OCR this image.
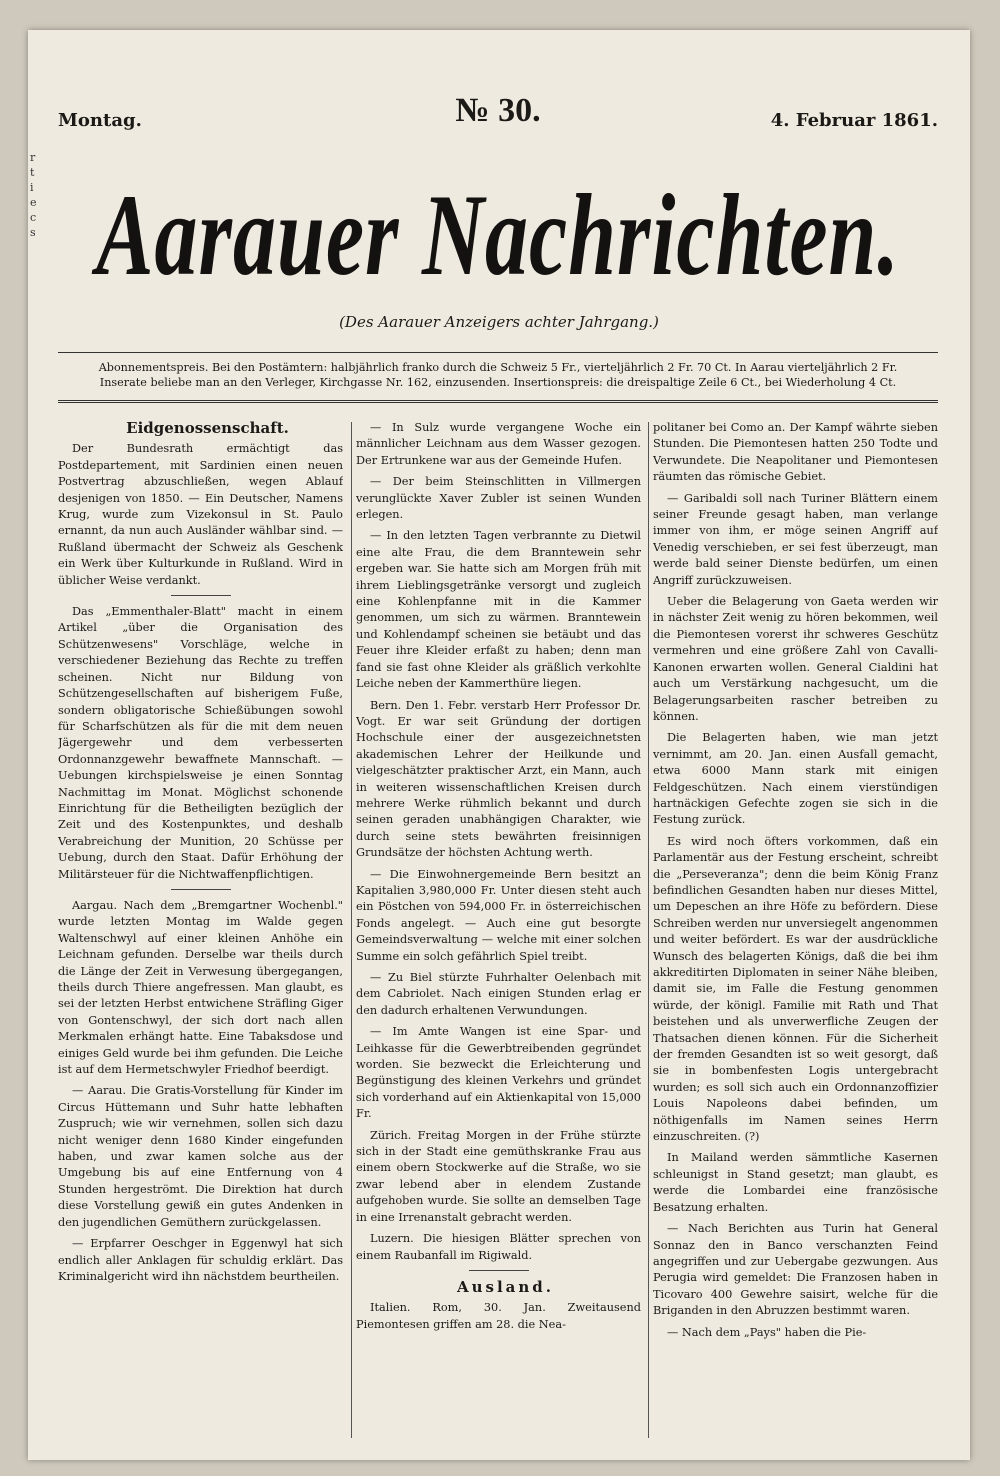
r
t
i
e
c
s
Montag.	№ 30.	4. Februar 1861.
Aarauer Nachrichten.
(Des Aarauer Anzeigers achter Jahrgang.)
Abonnementspreis. Bei den Postämtern: halbjährlich franko durch die Schweiz 5 Fr., vierteljährlich 2 Fr. 70 Ct. In Aarau vierteljährlich 2 Fr.
Inserate beliebe man an den Verleger, Kirchgasse Nr. 162, einzusenden. Insertionspreis: die dreispaltige Zeile 6 Ct., bei Wiederholung 4 Ct.

Eidgenossenschaft.

Der Bundesrath ermächtigt das Postdepartement, mit Sardinien einen neuen Postvertrag abzuschließen, wegen Ablauf desjenigen von 1850. — Ein Deutscher, Namens Krug, wurde zum Vizekonsul in St. Paulo ernannt, da nun auch Ausländer wählbar sind. — Rußland übermacht der Schweiz als Geschenk ein Werk über Kulturkunde in Rußland. Wird in üblicher Weise verdankt.

Das „Emmenthaler-Blatt" macht in einem Artikel „über die Organisation des Schützenwesens" Vorschläge, welche in verschiedener Beziehung das Rechte zu treffen scheinen. Nicht nur Bildung von Schützengesellschaften auf bisherigem Fuße, sondern obligatorische Schießübungen sowohl für Scharfschützen als für die mit dem neuen Jägergewehr und dem verbesserten Ordonnanzgewehr bewaffnete Mannschaft. — Uebungen kirchspielsweise je einen Sonntag Nachmittag im Monat. Möglichst schonende Einrichtung für die Betheiligten bezüglich der Zeit und des Kostenpunktes, und deshalb Verabreichung der Munition, 20 Schüsse per Uebung, durch den Staat. Dafür Erhöhung der Militärsteuer für die Nichtwaffenpflichtigen.

Aargau. Nach dem „Bremgartner Wochenbl." wurde letzten Montag im Walde gegen Waltenschwyl auf einer kleinen Anhöhe ein Leichnam gefunden. Derselbe war theils durch die Länge der Zeit in Verwesung übergegangen, theils durch Thiere angefressen. Man glaubt, es sei der letzten Herbst entwichene Sträfling Giger von Gontenschwyl, der sich dort nach allen Merkmalen erhängt hatte. Eine Tabaksdose und einiges Geld wurde bei ihm gefunden. Die Leiche ist auf dem Hermetschwyler Friedhof beerdigt.

— Aarau. Die Gratis-Vorstellung für Kinder im Circus Hüttemann und Suhr hatte lebhaften Zuspruch; wie wir vernehmen, sollen sich dazu nicht weniger denn 1680 Kinder eingefunden haben, und zwar kamen solche aus der Umgebung bis auf eine Entfernung von 4 Stunden hergeströmt. Die Direktion hat durch diese Vorstellung gewiß ein gutes Andenken in den jugendlichen Gemüthern zurückgelassen.

— Erpfarrer Oeschger in Eggenwyl hat sich endlich aller Anklagen für schuldig erklärt. Das Kriminalgericht wird ihn nächstdem beurtheilen.

— In Sulz wurde vergangene Woche ein männlicher Leichnam aus dem Wasser gezogen. Der Ertrunkene war aus der Gemeinde Hufen.

— Der beim Steinschlitten in Villmergen verunglückte Xaver Zubler ist seinen Wunden erlegen.

— In den letzten Tagen verbrannte zu Dietwil eine alte Frau, die dem Branntewein sehr ergeben war. Sie hatte sich am Morgen früh mit ihrem Lieblingsgetränke versorgt und zugleich eine Kohlenpfanne mit in die Kammer genommen, um sich zu wärmen. Branntewein und Kohlendampf scheinen sie betäubt und das Feuer ihre Kleider erfaßt zu haben; denn man fand sie fast ohne Kleider als gräßlich verkohlte Leiche neben der Kammerthüre liegen.

Bern. Den 1. Febr. verstarb Herr Professor Dr. Vogt. Er war seit Gründung der dortigen Hochschule einer der ausgezeichnetsten akademischen Lehrer der Heilkunde und vielgeschätzter praktischer Arzt, ein Mann, auch in weiteren wissenschaftlichen Kreisen durch mehrere Werke rühmlich bekannt und durch seinen geraden unabhängigen Charakter, wie durch seine stets bewährten freisinnigen Grundsätze der höchsten Achtung werth.

— Die Einwohnergemeinde Bern besitzt an Kapitalien 3,980,000 Fr. Unter diesen steht auch ein Pöstchen von 594,000 Fr. in österreichischen Fonds angelegt. — Auch eine gut besorgte Gemeindsverwaltung — welche mit einer solchen Summe ein solch gefährlich Spiel treibt.

— Zu Biel stürzte Fuhrhalter Oelenbach mit dem Cabriolet. Nach einigen Stunden erlag er den dadurch erhaltenen Verwundungen.

— Im Amte Wangen ist eine Spar- und Leihkasse für die Gewerbtreibenden gegründet worden. Sie bezweckt die Erleichterung und Begünstigung des kleinen Verkehrs und gründet sich vorderhand auf ein Aktienkapital von 15,000 Fr.

Zürich. Freitag Morgen in der Frühe stürzte sich in der Stadt eine gemüthskranke Frau aus einem obern Stockwerke auf die Straße, wo sie zwar lebend aber in elendem Zustande aufgehoben wurde. Sie sollte an demselben Tage in eine Irrenanstalt gebracht werden.

Luzern. Die hiesigen Blätter sprechen von einem Raubanfall im Rigiwald.

Ausland.

Italien. Rom, 30. Jan. Zweitausend Piemontesen griffen am 28. die Nea-

politaner bei Como an. Der Kampf währte sieben Stunden. Die Piemontesen hatten 250 Todte und Verwundete. Die Neapolitaner und Piemontesen räumten das römische Gebiet.

— Garibaldi soll nach Turiner Blättern einem seiner Freunde gesagt haben, man verlange immer von ihm, er möge seinen Angriff auf Venedig verschieben, er sei fest überzeugt, man werde bald seiner Dienste bedürfen, um einen Angriff zurückzuweisen.

Ueber die Belagerung von Gaeta werden wir in nächster Zeit wenig zu hören bekommen, weil die Piemontesen vorerst ihr schweres Geschütz vermehren und eine größere Zahl von Cavalli-Kanonen erwarten wollen. General Cialdini hat auch um Verstärkung nachgesucht, um die Belagerungsarbeiten rascher betreiben zu können.

Die Belagerten haben, wie man jetzt vernimmt, am 20. Jan. einen Ausfall gemacht, etwa 6000 Mann stark mit einigen Feldgeschützen. Nach einem vierstündigen hartnäckigen Gefechte zogen sie sich in die Festung zurück.

Es wird noch öfters vorkommen, daß ein Parlamentär aus der Festung erscheint, schreibt die „Perseveranza"; denn die beim König Franz befindlichen Gesandten haben nur dieses Mittel, um Depeschen an ihre Höfe zu befördern. Diese Schreiben werden nur unversiegelt angenommen und weiter befördert. Es war der ausdrückliche Wunsch des belagerten Königs, daß die bei ihm akkreditirten Diplomaten in seiner Nähe bleiben, damit sie, im Falle die Festung genommen würde, der königl. Familie mit Rath und That beistehen und als unverwerfliche Zeugen der Thatsachen dienen können. Für die Sicherheit der fremden Gesandten ist so weit gesorgt, daß sie in bombenfesten Logis untergebracht wurden; es soll sich auch ein Ordonnanzoffizier Louis Napoleons dabei befinden, um nöthigenfalls im Namen seines Herrn einzuschreiten. (?)

In Mailand werden sämmtliche Kasernen schleunigst in Stand gesetzt; man glaubt, es werde die Lombardei eine französische Besatzung erhalten.

— Nach Berichten aus Turin hat General Sonnaz den in Banco verschanzten Feind angegriffen und zur Uebergabe gezwungen. Aus Perugia wird gemeldet: Die Franzosen haben in Ticovaro 400 Gewehre saisirt, welche für die Briganden in den Abruzzen bestimmt waren.

— Nach dem „Pays" haben die Pie-
